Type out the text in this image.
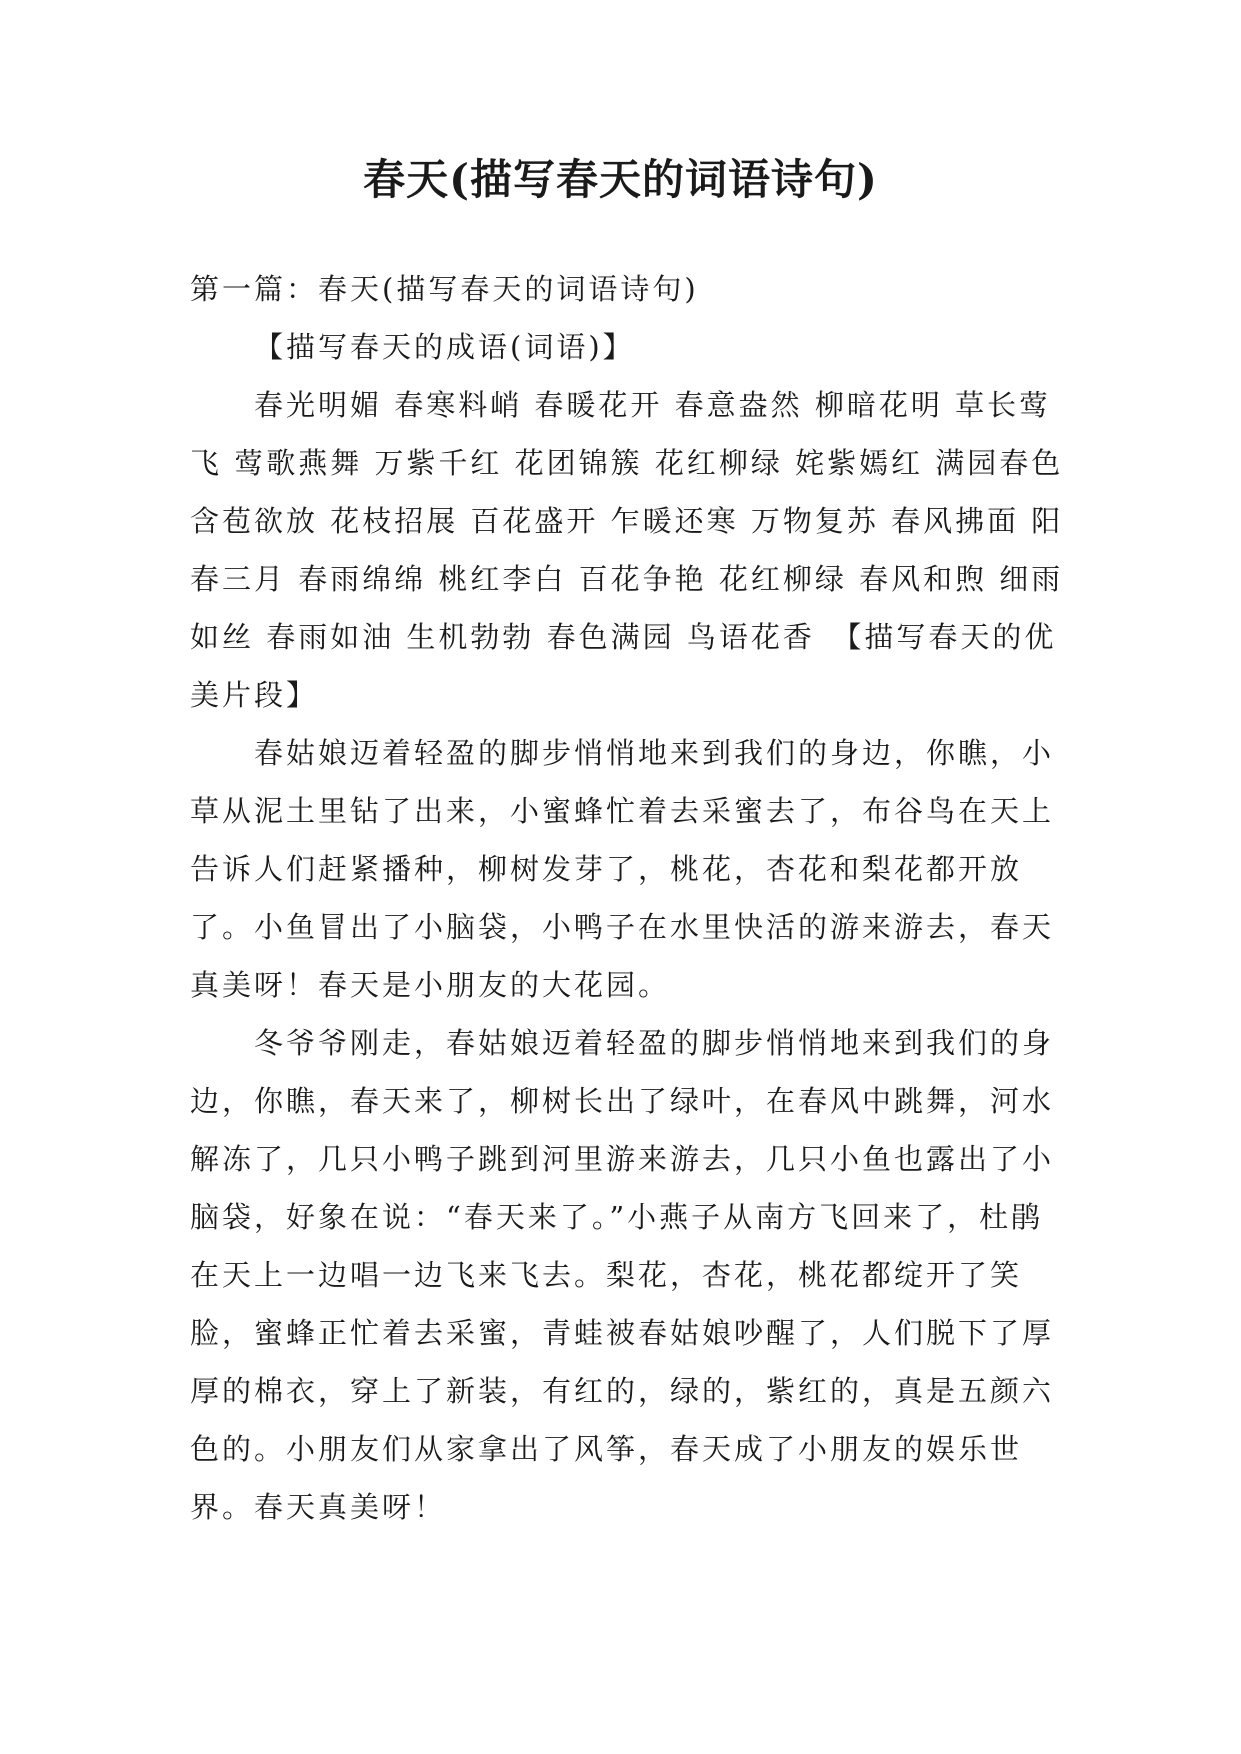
春天(描写春天的词语诗句)

第一篇：春天(描写春天的词语诗句)

【描写春天的成语(词语)】

春光明媚 春寒料峭 春暖花开 春意盎然 柳暗花明 草长莺飞 莺歌燕舞 万紫千红 花团锦簇 花红柳绿 姹紫嫣红 满园春色 含苞欲放 花枝招展 百花盛开 乍暖还寒 万物复苏 春风拂面 阳春三月 春雨绵绵 桃红李白 百花争艳 花红柳绿 春风和煦 细雨如丝 春雨如油 生机勃勃 春色满园 鸟语花香　 【描写春天的优美片段】

春姑娘迈着轻盈的脚步悄悄地来到我们的身边，你瞧，小草从泥土里钻了出来，小蜜蜂忙着去采蜜去了，布谷鸟在天上告诉人们赶紧播种，柳树发芽了，桃花，杏花和梨花都开放了。小鱼冒出了小脑袋，小鸭子在水里快活的游来游去，春天真美呀！春天是小朋友的大花园。

冬爷爷刚走，春姑娘迈着轻盈的脚步悄悄地来到我们的身边，你瞧，春天来了，柳树长出了绿叶，在春风中跳舞，河水解冻了，几只小鸭子跳到河里游来游去，几只小鱼也露出了小脑袋，好象在说：“春天来了。”小燕子从南方飞回来了，杜鹃在天上一边唱一边飞来飞去。梨花，杏花，桃花都绽开了笑脸，蜜蜂正忙着去采蜜，青蛙被春姑娘吵醒了，人们脱下了厚厚的棉衣，穿上了新装，有红的，绿的，紫红的，真是五颜六色的。小朋友们从家拿出了风筝，春天成了小朋友的娱乐世界。春天真美呀！
